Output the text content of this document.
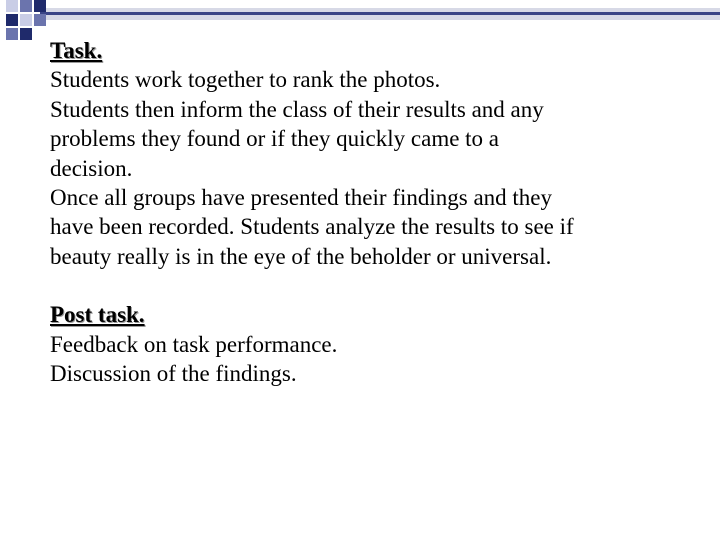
Task.
Students work together to rank the photos.
Students then inform the class of their results and any
problems they found or if they quickly came to a
decision.
Once all groups have presented their findings and they
have been recorded. Students analyze the results to see if
beauty really is in the eye of the beholder or universal.
Post task.
Feedback on task performance.
Discussion of the findings.
